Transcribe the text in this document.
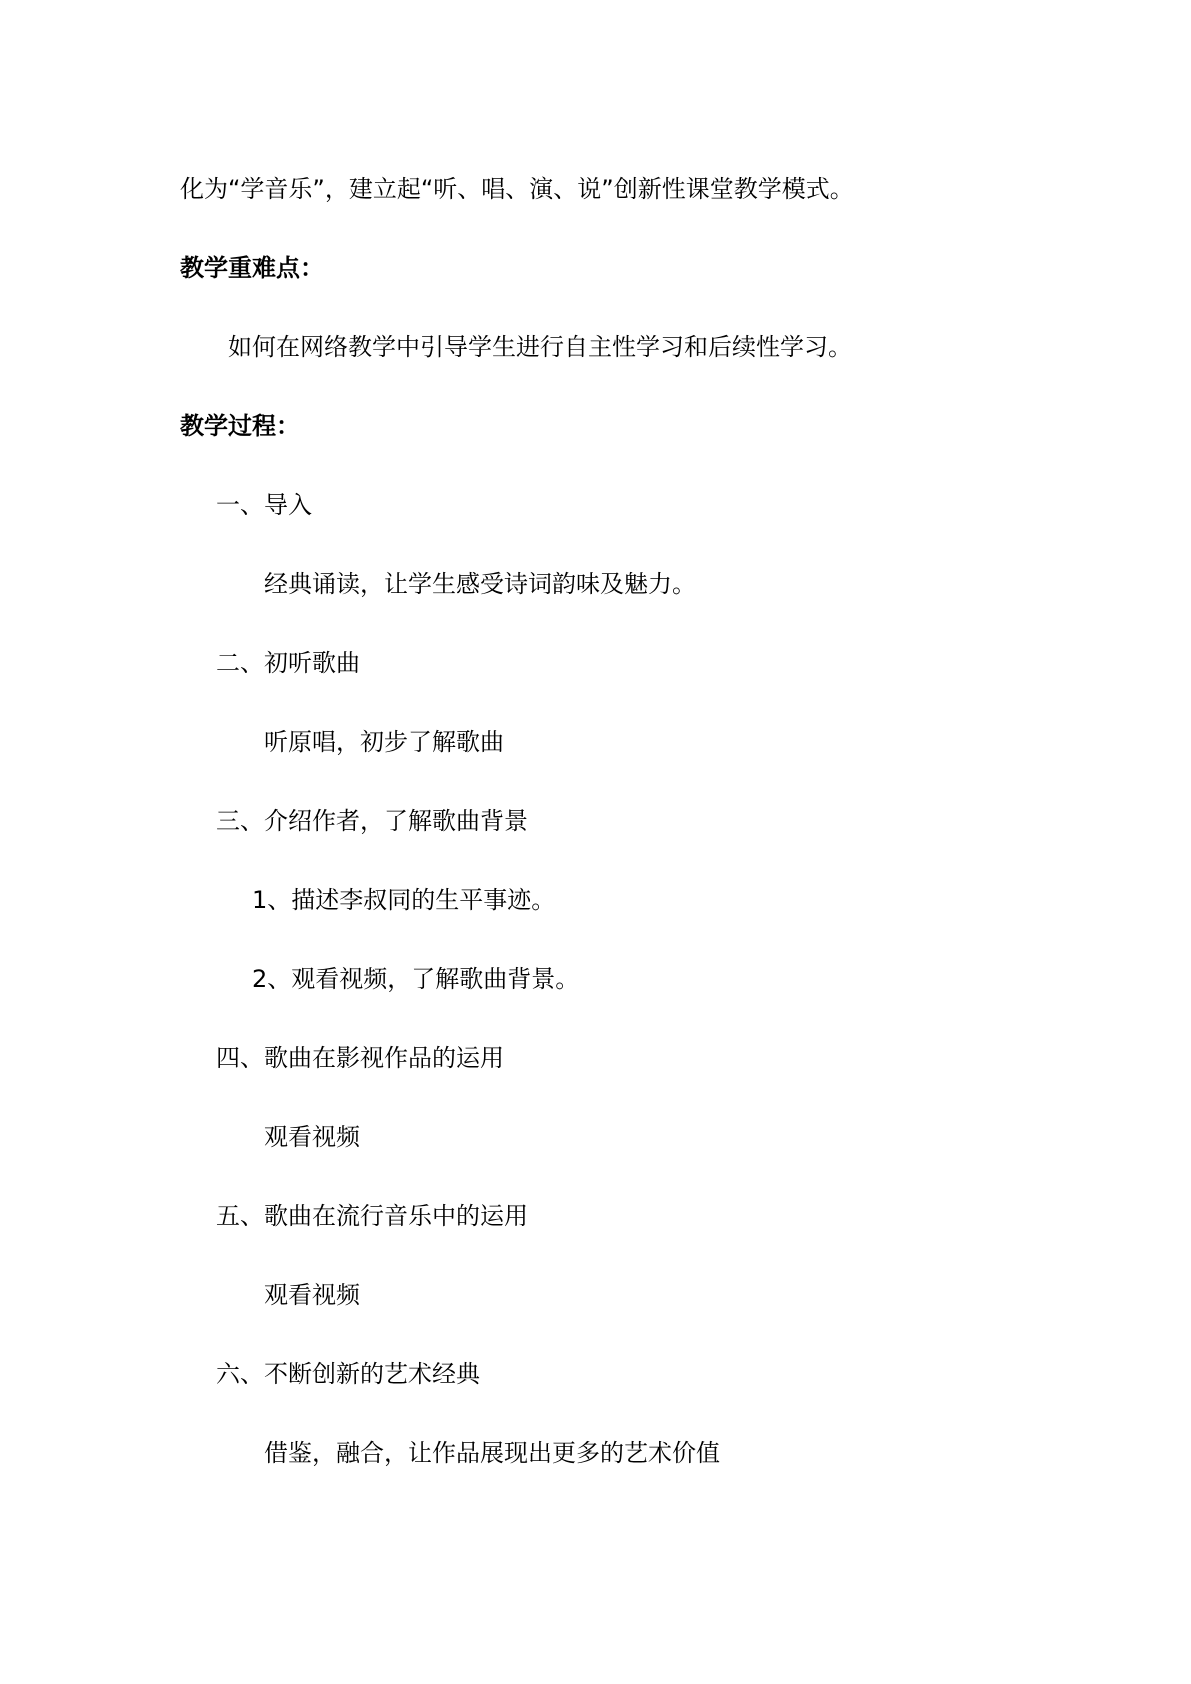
化为“学音乐”，建立起“听、唱、演、说”创新性课堂教学模式。

教学重难点：

如何在网络教学中引导学生进行自主性学习和后续性学习。

教学过程：

一、导入

经典诵读，让学生感受诗词韵味及魅力。

二、初听歌曲

听原唱，初步了解歌曲

三、介绍作者，了解歌曲背景

1、描述李叔同的生平事迹。

2、观看视频，了解歌曲背景。

四、歌曲在影视作品的运用

观看视频

五、歌曲在流行音乐中的运用

观看视频

六、不断创新的艺术经典

借鉴，融合，让作品展现出更多的艺术价值
